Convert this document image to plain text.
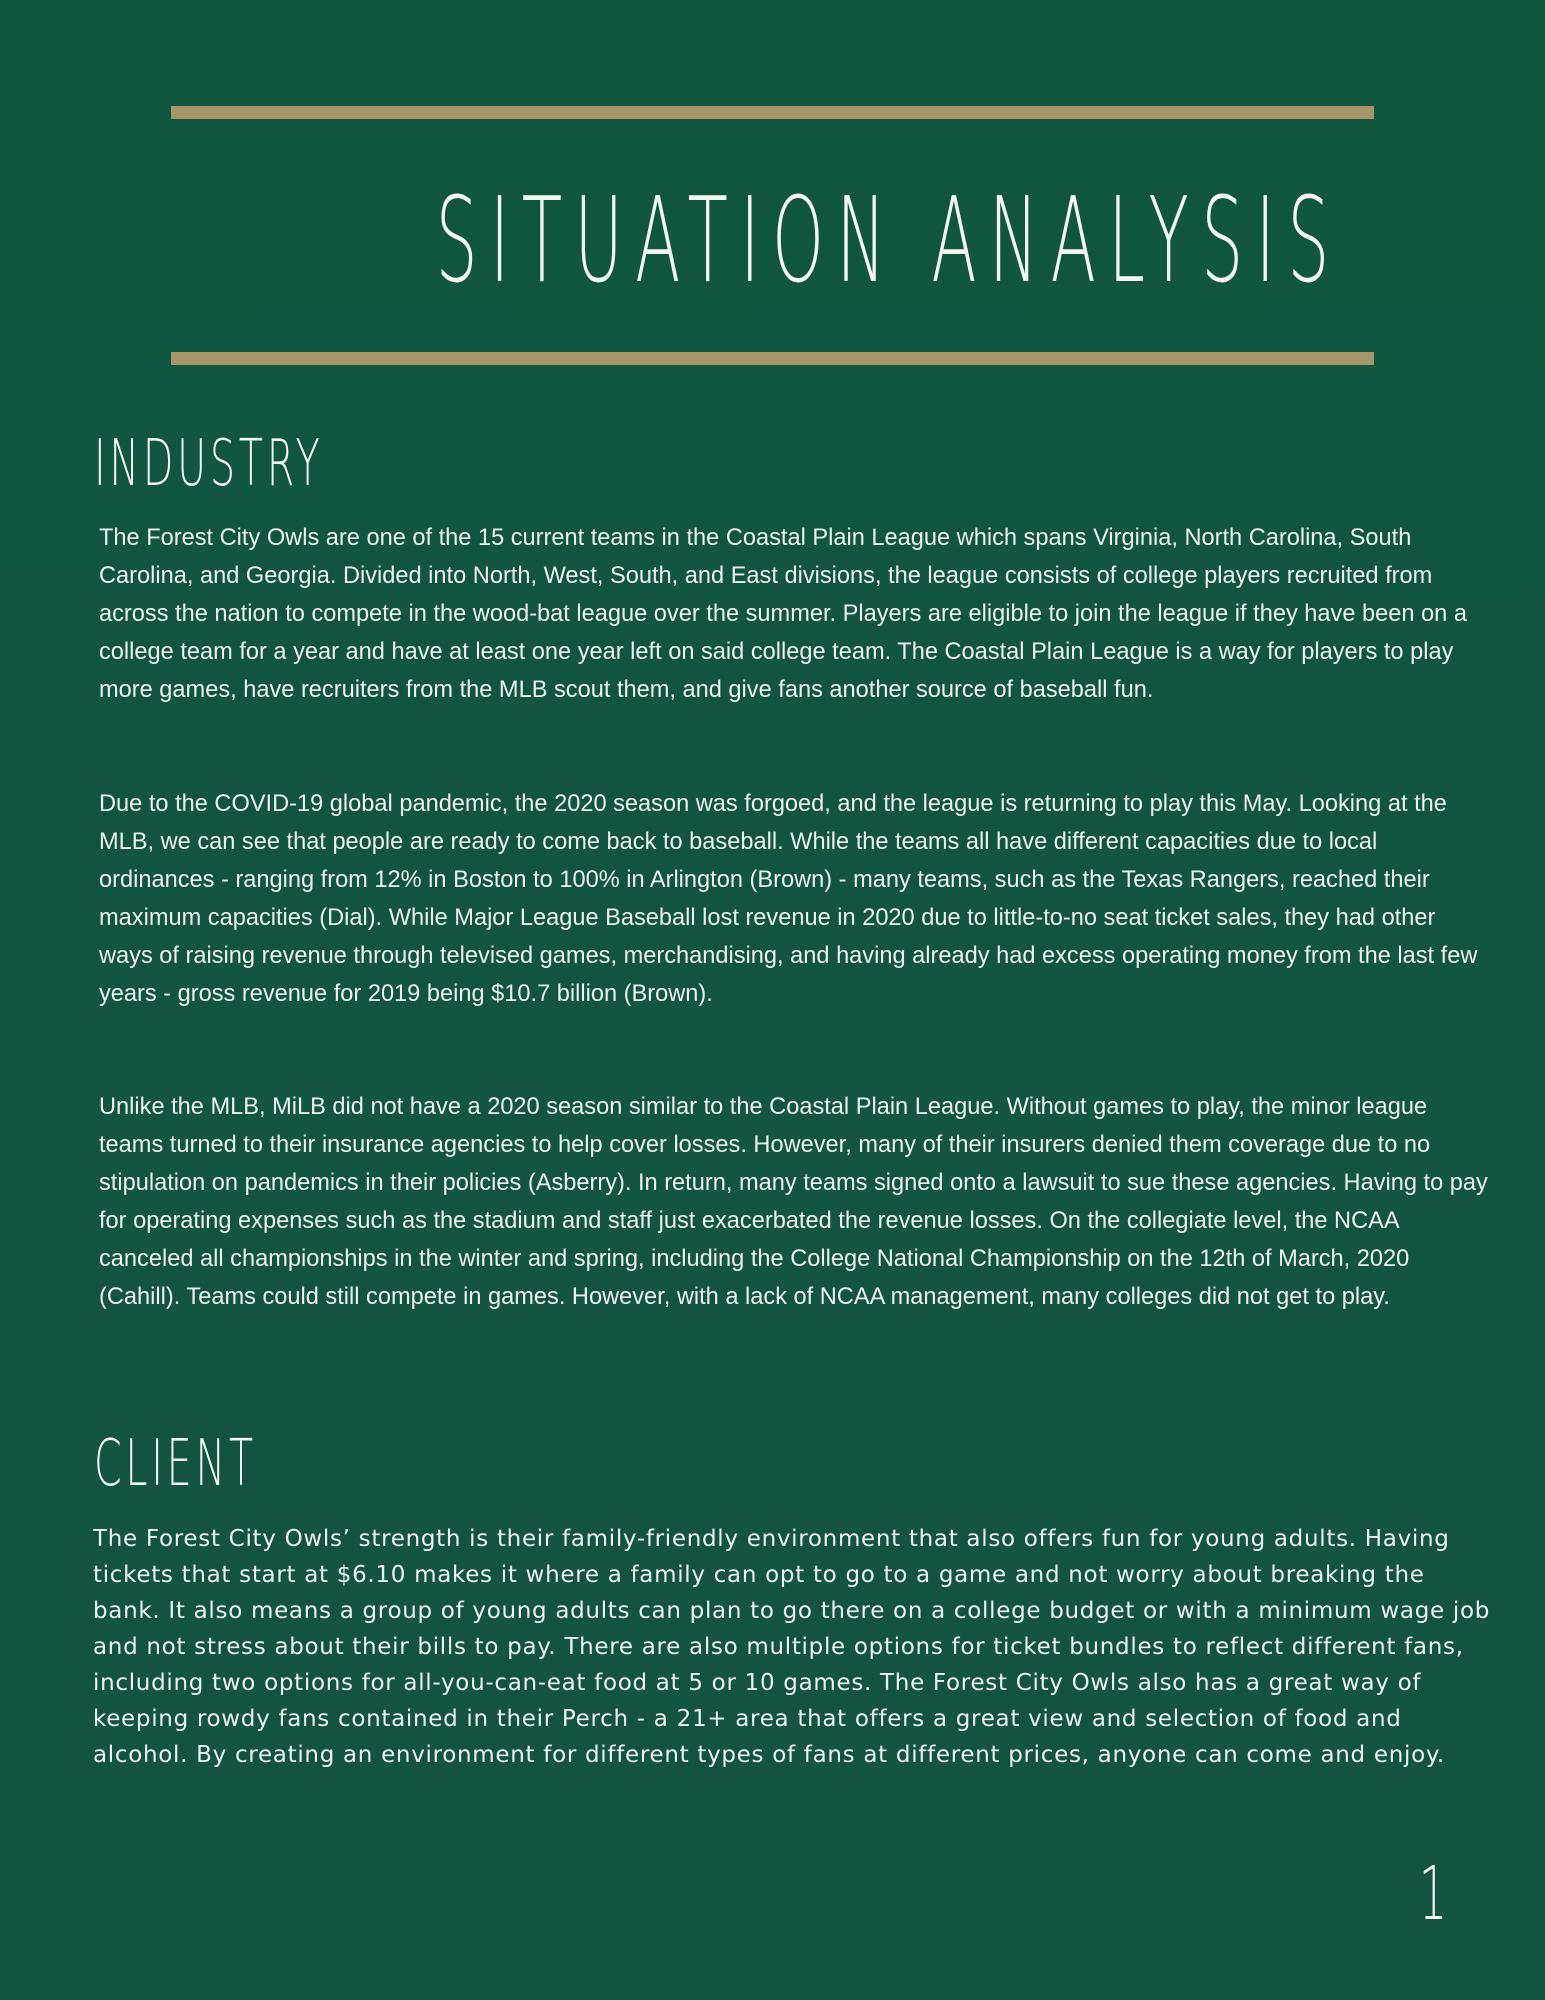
SITUATION ANALYSIS
INDUSTRY

The Forest City Owls are one of the 15 current teams in the Coastal Plain League which spans Virginia, North Carolina, South Carolina, and Georgia. Divided into North, West, South, and East divisions, the league consists of college players recruited from across the nation to compete in the wood-bat league over the summer. Players are eligible to join the league if they have been on a college team for a year and have at least one year left on said college team. The Coastal Plain League is a way for players to play more games, have recruiters from the MLB scout them, and give fans another source of baseball fun.

Due to the COVID-19 global pandemic, the 2020 season was forgoed, and the league is returning to play this May. Looking at the MLB, we can see that people are ready to come back to baseball. While the teams all have different capacities due to local ordinances - ranging from 12% in Boston to 100% in Arlington (Brown) - many teams, such as the Texas Rangers, reached their maximum capacities (Dial). While Major League Baseball lost revenue in 2020 due to little-to-no seat ticket sales, they had other ways of raising revenue through televised games, merchandising, and having already had excess operating money from the last few years - gross revenue for 2019 being $10.7 billion (Brown).

Unlike the MLB, MiLB did not have a 2020 season similar to the Coastal Plain League. Without games to play, the minor league teams turned to their insurance agencies to help cover losses. However, many of their insurers denied them coverage due to no stipulation on pandemics in their policies (Asberry). In return, many teams signed onto a lawsuit to sue these agencies. Having to pay for operating expenses such as the stadium and staff just exacerbated the revenue losses. On the collegiate level, the NCAA canceled all championships in the winter and spring, including the College National Championship on the 12th of March, 2020 (Cahill). Teams could still compete in games. However, with a lack of NCAA management, many colleges did not get to play.

CLIENT

The Forest City Owls’ strength is their family-friendly environment that also offers fun for young adults. Having tickets that start at $6.10 makes it where a family can opt to go to a game and not worry about breaking the bank. It also means a group of young adults can plan to go there on a college budget or with a minimum wage job and not stress about their bills to pay. There are also multiple options for ticket bundles to reflect different fans, including two options for all-you-can-eat food at 5 or 10 games. The Forest City Owls also has a great way of keeping rowdy fans contained in their Perch - a 21+ area that offers a great view and selection of food and alcohol. By creating an environment for different types of fans at different prices, anyone can come and enjoy.

1
